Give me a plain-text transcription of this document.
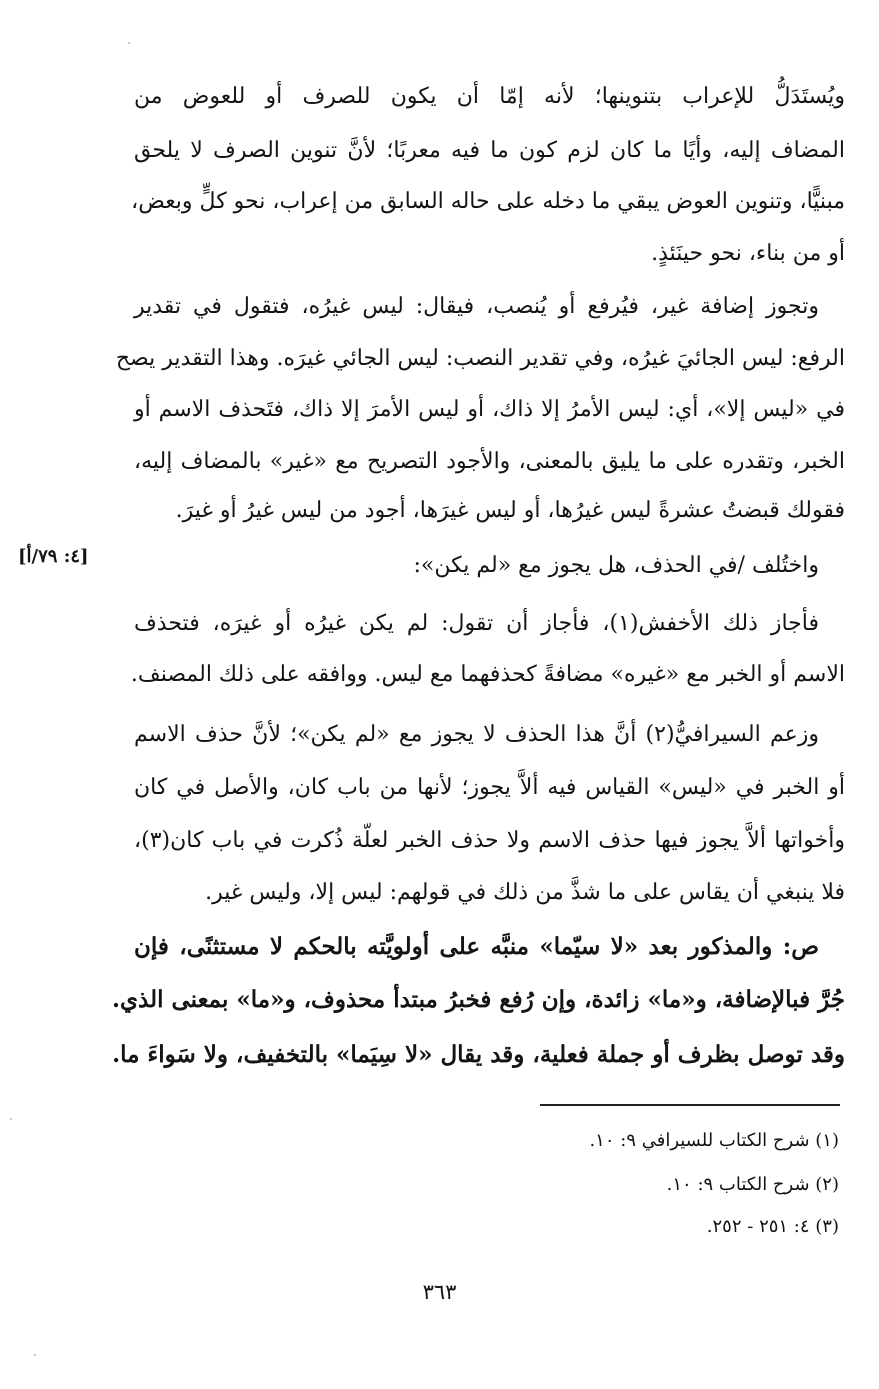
ويُستَدَلُّ للإعراب بتنوينها؛ لأنه إمّا أن يكون للصرف أو للعوض من
المضاف إليه، وأيًا ما كان لزم كون ما فيه معربًا؛ لأنَّ تنوين الصرف لا يلحق
مبنيًّا، وتنوين العوض يبقي ما دخله على حاله السابق من إعراب، نحو كلٍّ وبعض،
أو من بناء، نحو حينَئذٍ.
وتجوز إضافة غير، فيُرفع أو يُنصب، فيقال: ليس غيرُه، فتقول في تقدير
الرفع: ليس الجائيَ غيرُه، وفي تقدير النصب: ليس الجائي غيرَه. وهذا التقدير يصح
في «ليس إلا»، أي: ليس الأمرُ إلا ذاك، أو ليس الأمرَ إلا ذاك، فتَحذف الاسم أو
الخبر، وتقدره على ما يليق بالمعنى، والأجود التصريح مع «غير» بالمضاف إليه،
فقولك قبضتُ عشرةً ليس غيرُها، أو ليس غيرَها، أجود من ليس غيرُ أو غيرَ.
واختُلف /في الحذف، هل يجوز مع «لم يكن»:
[٤: ٧٩/أ]
فأجاز ذلك الأخفش(١)، فأجاز أن تقول: لم يكن غيرُه أو غيرَه، فتحذف
الاسم أو الخبر مع «غيره» مضافةً كحذفهما مع ليس. ووافقه على ذلك المصنف.
وزعم السيرافيُّ(٢) أنَّ هذا الحذف لا يجوز مع «لم يكن»؛ لأنَّ حذف الاسم
أو الخبر في «ليس» القياس فيه ألاَّ يجوز؛ لأنها من باب كان، والأصل في كان
وأخواتها ألاَّ يجوز فيها حذف الاسم ولا حذف الخبر لعلّة ذُكرت في باب كان(٣)،
فلا ينبغي أن يقاس على ما شذَّ من ذلك في قولهم: ليس إلا، وليس غير.
ص: والمذكور بعد «لا سيّما» منبَّه على أولويَّته بالحكم لا مستثنًى، فإن
جُرَّ فبالإضافة، و«ما» زائدة، وإن رُفع فخبرُ مبتدأ محذوف، و«ما» بمعنى الذي.
وقد توصل بظرف أو جملة فعلية، وقد يقال «لا سِيَما» بالتخفيف، ولا سَواءَ ما.
(١) شرح الكتاب للسيرافي ٩: ١٠.
(٢) شرح الكتاب ٩: ١٠.
(٣) ٤: ٢٥١ - ٢٥٢.
٣٦٣
